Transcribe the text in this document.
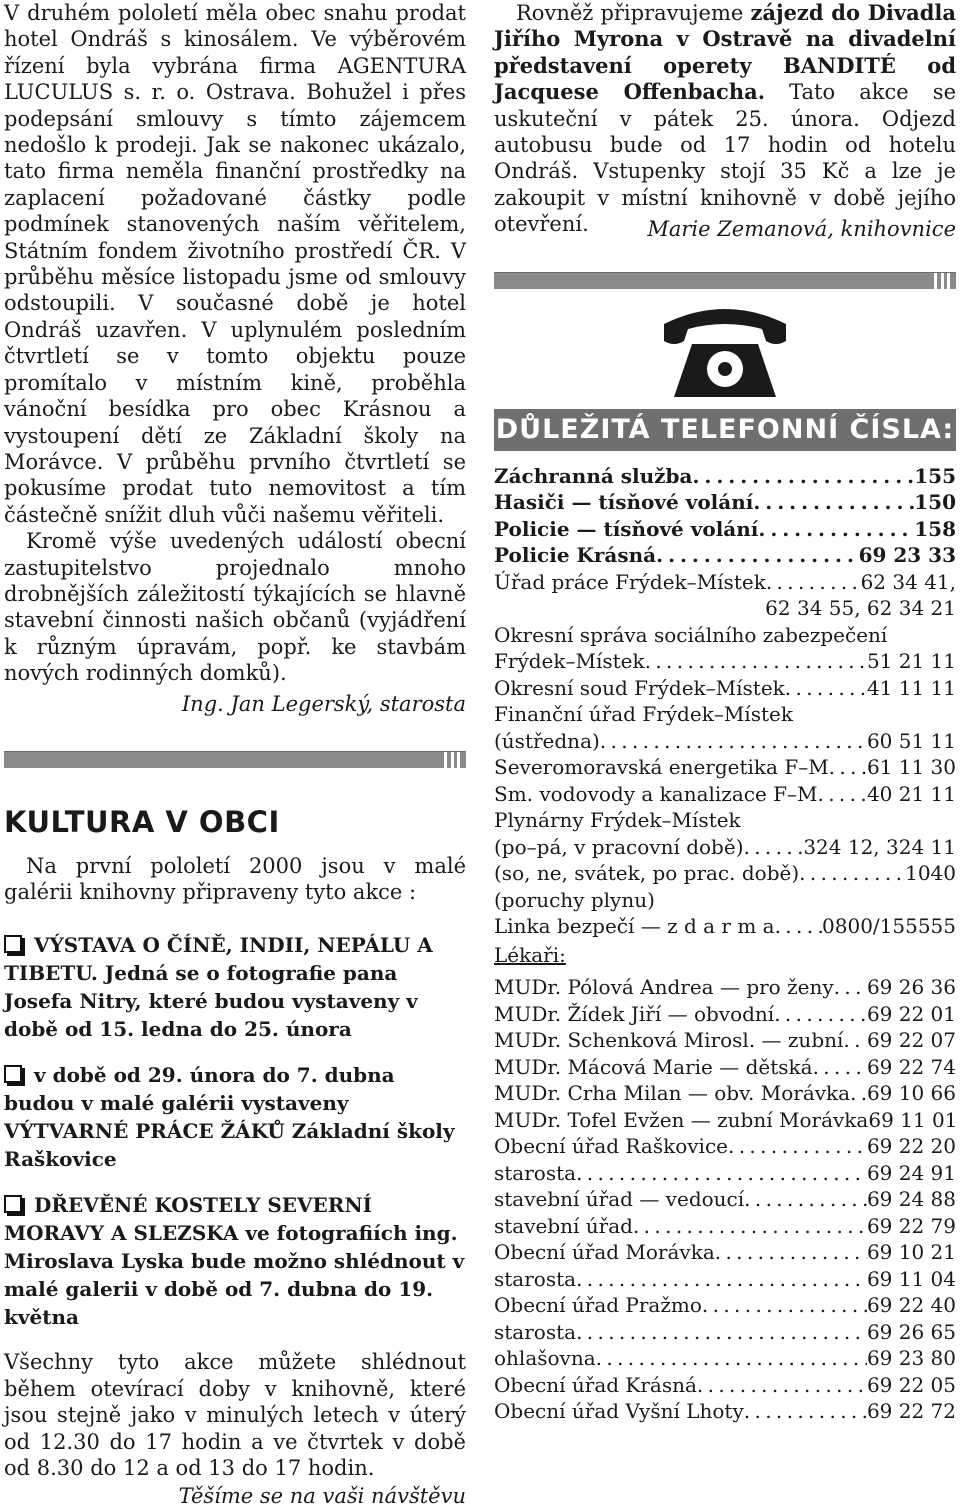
V druhém pololetí měla obec snahu prodat hotel Ondráš s kinosálem. Ve výběrovém řízení byla vybrána firma AGENTURA LUCULUS s. r. o. Ostrava. Bohužel i přes podepsání smlouvy s tímto zájemcem nedošlo k prodeji. Jak se nakonec ukázalo, tato firma neměla finanční prostředky na zaplacení požadované částky podle podmínek stanovených naším věřitelem, Státním fondem životního prostředí ČR. V průběhu měsíce listopadu jsme od smlouvy odstoupili. V současné době je hotel Ondráš uzavřen. V uplynulém posledním čtvrtletí se v tomto objektu pouze promítalo v místním kině, proběhla vánoční besídka pro obec Krásnou a vystoupení dětí ze Základní školy na Morávce. V průběhu prvního čtvrtletí se pokusíme prodat tuto nemovitost a tím částečně snížit dluh vůči našemu věřiteli.

Kromě výše uvedených událostí obecní zastupitelstvo projednalo mnoho drobnějších záležitostí týkajících se hlavně stavební činnosti našich občanů (vyjádření k různým úpravám, popř. ke stavbám nových rodinných domků).

Ing. Jan Legerský, starosta

KULTURA V OBCI

Na první pololetí 2000 jsou v malé galérii knihovny připraveny tyto akce :

VÝSTAVA O ČÍNĚ, INDII, NEPÁLU A TIBETU. Jedná se o fotografie pana Josefa Nitry, které budou vystaveny v době od 15. ledna do 25. února

v době od 29. února do 7. dubna budou v malé galérii vystaveny VÝTVARNÉ PRÁCE ŽÁKŮ Základní školy Raškovice

DŘEVĚNÉ KOSTELY SEVERNÍ MORAVY A SLEZSKA ve fotografiích ing. Miroslava Lyska bude možno shlédnout v malé galerii v době od 7. dubna do 19. května

Všechny tyto akce můžete shlédnout během otevírací doby v knihovně, které jsou stejně jako v minulých letech v úterý od 12.30 do 17 hodin a ve čtvrtek v době od 8.30 do 12 a od 13 do 17 hodin.

Těšíme se na vaši návštěvu

Rovněž připravujeme zájezd do Divadla Jiřího Myrona v Ostravě na divadelní představení operety BANDITÉ od Jacquese Offenbacha. Tato akce se uskuteční v pátek 25. února. Odjezd autobusu bude od 17 hodin od hotelu Ondráš. Vstupenky stojí 35 Kč a lze je zakoupit v místní knihovně v době jejího otevření.	Marie Zemanová, knihovnice

DŮLEŽITÁ TELEFONNÍ ČÍSLA:
Záchranná služba . . .	155
Hasiči — tísňové volání . . .	150
Policie — tísňové volání . . .	158
Policie Krásná . . .	69 23 33
Úřad práce Frýdek–Místek . . .	62 34 41,

62 34 55, 62 34 21

Okresní správa sociálního zabezpečení

Frýdek–Místek . . .	51 21 11
Okresní soud Frýdek–Místek . . .	41 11 11

Finanční úřad Frýdek–Místek

(ústředna) . . .	60 51 11
Severomoravská energetika F–M . . . 61 11 30
Sm. vodovody a kanalizace F–M . . . 40 21 11

Plynárny Frýdek–Místek

(po–pá, v pracovní době) . . .	324 12, 324 11
(so, ne, svátek, po prac. době) . . .	1040

(poruchy plynu)

Linka bezpečí — z d a r m a . . . 0800/155555

Lékaři:

MUDr. Pólová Andrea — pro ženy . . . 69 26 36
MUDr. Žídek Jiří — obvodní . . .	69 22 01
MUDr. Schenková Mirosl. — zubní . . . 69 22 07
MUDr. Mácová Marie — dětská . . .	69 22 74
MUDr. Crha Milan — obv. Morávka . . . 69 10 66
MUDr. Tofel Evžen — zubní Morávka 69 11 01
Obecní úřad Raškovice . . .	69 22 20
starosta . . .	69 24 91
stavební úřad — vedoucí . . .	69 24 88
stavební úřad . . .	69 22 79
Obecní úřad Morávka . . .	69 10 21
starosta . . .	69 11 04
Obecní úřad Pražmo . . .	69 22 40
starosta . . .	69 26 65
ohlašovna . . .	69 23 80
Obecní úřad Krásná . . .	69 22 05
Obecní úřad Vyšní Lhoty . . .	69 22 72
